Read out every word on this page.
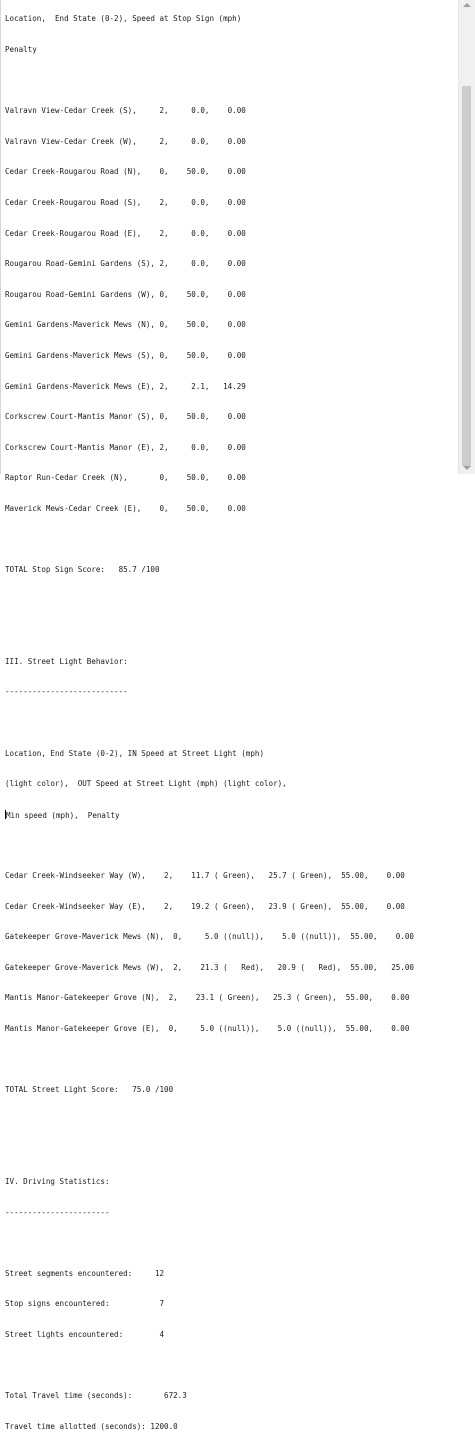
Location,  End State (0-2), Speed at Stop Sign (mph)

Penalty

Valravn View-Cedar Creek (S),     2,     0.0,    0.00

Valravn View-Cedar Creek (W),     2,     0.0,    0.00

Cedar Creek-Rougarou Road (N),    0,    50.0,    0.00

Cedar Creek-Rougarou Road (S),    2,     0.0,    0.00

Cedar Creek-Rougarou Road (E),    2,     0.0,    0.00

Rougarou Road-Gemini Gardens (S), 2,     0.0,    0.00

Rougarou Road-Gemini Gardens (W), 0,    50.0,    0.00

Gemini Gardens-Maverick Mews (N), 0,    50.0,    0.00

Gemini Gardens-Maverick Mews (S), 0,    50.0,    0.00

Gemini Gardens-Maverick Mews (E), 2,     2.1,   14.29

Corkscrew Court-Mantis Manor (S), 0,    50.0,    0.00

Corkscrew Court-Mantis Manor (E), 2,     0.0,    0.00

Raptor Run-Cedar Creek (N),       0,    50.0,    0.00

Maverick Mews-Cedar Creek (E),    0,    50.0,    0.00

TOTAL Stop Sign Score:   85.7 /100

III. Street Light Behavior:

---------------------------

Location, End State (0-2), IN Speed at Street Light (mph)

(light color),  OUT Speed at Street Light (mph) (light color),

Min speed (mph),  Penalty

Cedar Creek-Windseeker Way (W),    2,    11.7 ( Green),   25.7 ( Green),  55.00,    0.00

Cedar Creek-Windseeker Way (E),    2,    19.2 ( Green),   23.9 ( Green),  55.00,    0.00

Gatekeeper Grove-Maverick Mews (N),  0,     5.0 ((null)),    5.0 ((null)),  55.00,    0.00

Gatekeeper Grove-Maverick Mews (W),  2,    21.3 (   Red),   20.9 (   Red),  55.00,   25.00

Mantis Manor-Gatekeeper Grove (N),  2,    23.1 ( Green),   25.3 ( Green),  55.00,    0.00

Mantis Manor-Gatekeeper Grove (E),  0,     5.0 ((null)),    5.0 ((null)),  55.00,    0.00

TOTAL Street Light Score:   75.0 /100

IV. Driving Statistics:

-----------------------

Street segments encountered:     12

Stop signs encountered:           7

Street lights encountered:        4

Total Travel time (seconds):       672.3

Travel time allotted (seconds): 1200.0
